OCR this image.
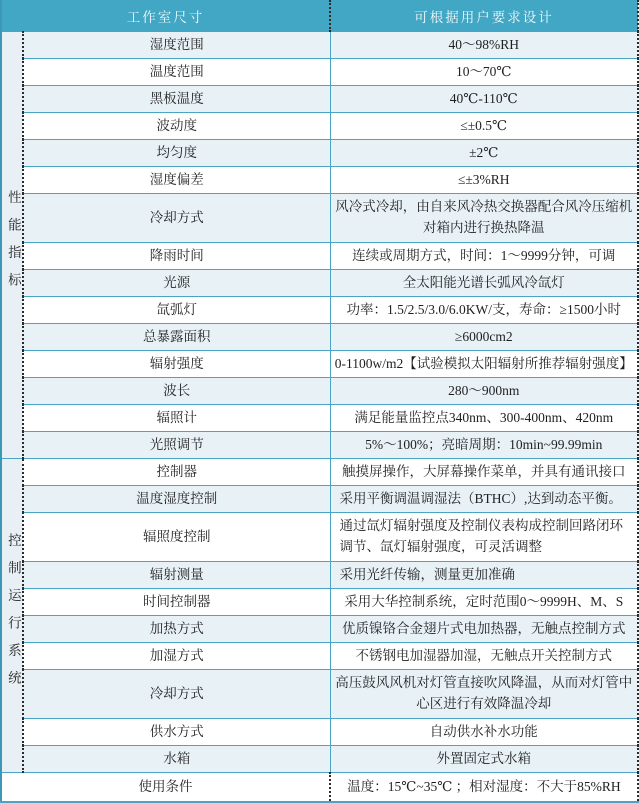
工作室尺寸		可根据用户要求设计

性能指标	湿度范围	40～98%RH
	温度范围	10～70℃
	黑板温度	40℃-110℃
	波动度	≤±0.5℃
	均匀度	±2℃
	湿度偏差	≤±3%RH
	冷却方式	风冷式冷却，由自来风冷热交换器配合风冷压缩机对箱内进行换热降温
	降雨时间	连续或周期方式，时间：1～9999分钟，可调
	光源	全太阳能光谱长弧风冷氙灯
	氙弧灯	功率：1.5/2.5/3.0/6.0KW/支，寿命：≥1500小时
	总暴露面积	≥6000cm2
	辐射强度	0-1100w/m2【试验模拟太阳辐射所推荐辐射强度】
	波长	280～900nm
	辐照计	满足能量监控点340nm、300-400nm、420nm
	光照调节	5%～100%；亮暗周期：10min~99.99min

控制运行系统	控制器	触摸屏操作，大屏幕操作菜单，并具有通讯接口
	温度湿度控制	采用平衡调温调湿法（BTHC）,达到动态平衡。
	辐照度控制	通过氙灯辐射强度及控制仪表构成控制回路闭环调节、氙灯辐射强度，可灵活调整
	辐射测量	采用光纤传输，测量更加准确
	时间控制器	采用大华控制系统，定时范围0～9999H、M、S
	加热方式	优质镍铬合金翅片式电加热器，无触点控制方式
	加湿方式	不锈钢电加湿器加湿，无触点开关控制方式
	冷却方式	高压鼓风风机对灯管直接吹风降温，从而对灯管中心区进行有效降温冷却
	供水方式	自动供水补水功能
	水箱	外置固定式水箱
使用条件		温度：15℃~35℃ ；相对湿度：不大于85%RH
